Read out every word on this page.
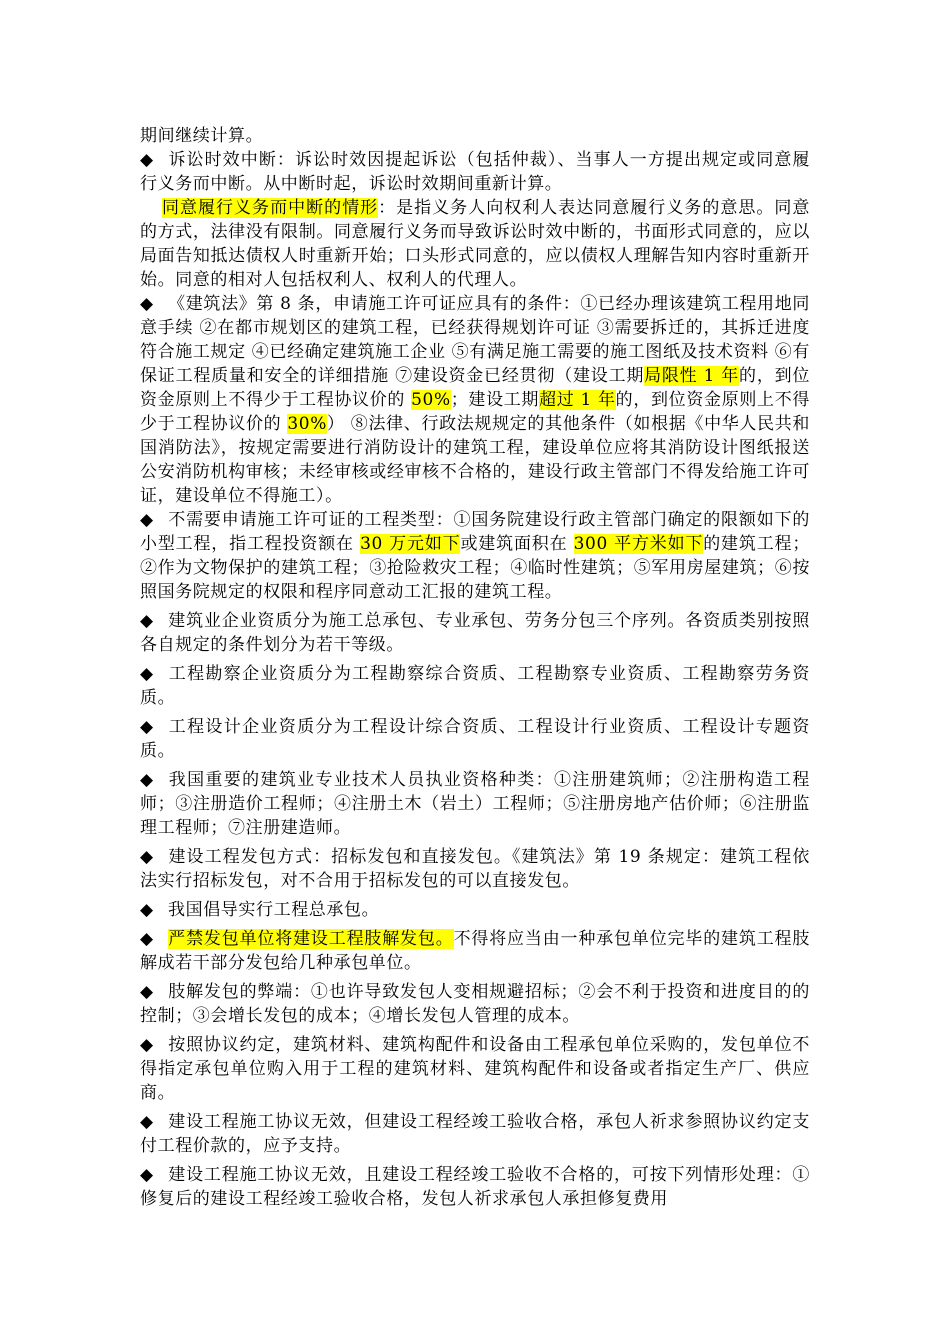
期间继续计算。

◆ 诉讼时效中断：诉讼时效因提起诉讼（包括仲裁）、当事人一方提出规定或同意履行义务而中断。从中断时起，诉讼时效期间重新计算。

同意履行义务而中断的情形：是指义务人向权利人表达同意履行义务的意思。同意的方式，法律没有限制。同意履行义务而导致诉讼时效中断的，书面形式同意的，应以局面告知抵达债权人时重新开始；口头形式同意的，应以债权人理解告知内容时重新开始。同意的相对人包括权利人、权利人的代理人。

◆ 《建筑法》第 8 条，申请施工许可证应具有的条件：①已经办理该建筑工程用地同意手续 ②在都市规划区的建筑工程，已经获得规划许可证 ③需要拆迁的，其拆迁进度符合施工规定 ④已经确定建筑施工企业 ⑤有满足施工需要的施工图纸及技术资料 ⑥有保证工程质量和安全的详细措施 ⑦建设资金已经贯彻（建设工期局限性 1 年的，到位资金原则上不得少于工程协议价的 50%；建设工期超过 1 年的，到位资金原则上不得少于工程协议价的 30%） ⑧法律、行政法规规定的其他条件（如根据《中华人民共和国消防法》，按规定需要进行消防设计的建筑工程，建设单位应将其消防设计图纸报送公安消防机构审核；未经审核或经审核不合格的，建设行政主管部门不得发给施工许可证，建设单位不得施工）。

◆ 不需要申请施工许可证的工程类型：①国务院建设行政主管部门确定的限额如下的小型工程，指工程投资额在 30 万元如下或建筑面积在 300 平方米如下的建筑工程；②作为文物保护的建筑工程；③抢险救灾工程；④临时性建筑；⑤军用房屋建筑；⑥按照国务院规定的权限和程序同意动工汇报的建筑工程。

◆ 建筑业企业资质分为施工总承包、专业承包、劳务分包三个序列。各资质类别按照各自规定的条件划分为若干等级。

◆ 工程勘察企业资质分为工程勘察综合资质、工程勘察专业资质、工程勘察劳务资质。

◆ 工程设计企业资质分为工程设计综合资质、工程设计行业资质、工程设计专题资质。

◆ 我国重要的建筑业专业技术人员执业资格种类：①注册建筑师；②注册构造工程师；③注册造价工程师；④注册土木（岩土）工程师；⑤注册房地产估价师；⑥注册监理工程师；⑦注册建造师。

◆ 建设工程发包方式：招标发包和直接发包。《建筑法》第 19 条规定：建筑工程依法实行招标发包，对不合用于招标发包的可以直接发包。

◆ 我国倡导实行工程总承包。

◆ 严禁发包单位将建设工程肢解发包。不得将应当由一种承包单位完毕的建筑工程肢解成若干部分发包给几种承包单位。

◆ 肢解发包的弊端：①也许导致发包人变相规避招标；②会不利于投资和进度目的的控制；③会增长发包的成本；④增长发包人管理的成本。

◆ 按照协议约定，建筑材料、建筑构配件和设备由工程承包单位采购的，发包单位不得指定承包单位购入用于工程的建筑材料、建筑构配件和设备或者指定生产厂、供应商。

◆ 建设工程施工协议无效，但建设工程经竣工验收合格，承包人祈求参照协议约定支付工程价款的，应予支持。

◆ 建设工程施工协议无效，且建设工程经竣工验收不合格的，可按下列情形处理：①修复后的建设工程经竣工验收合格，发包人祈求承包人承担修复费用
